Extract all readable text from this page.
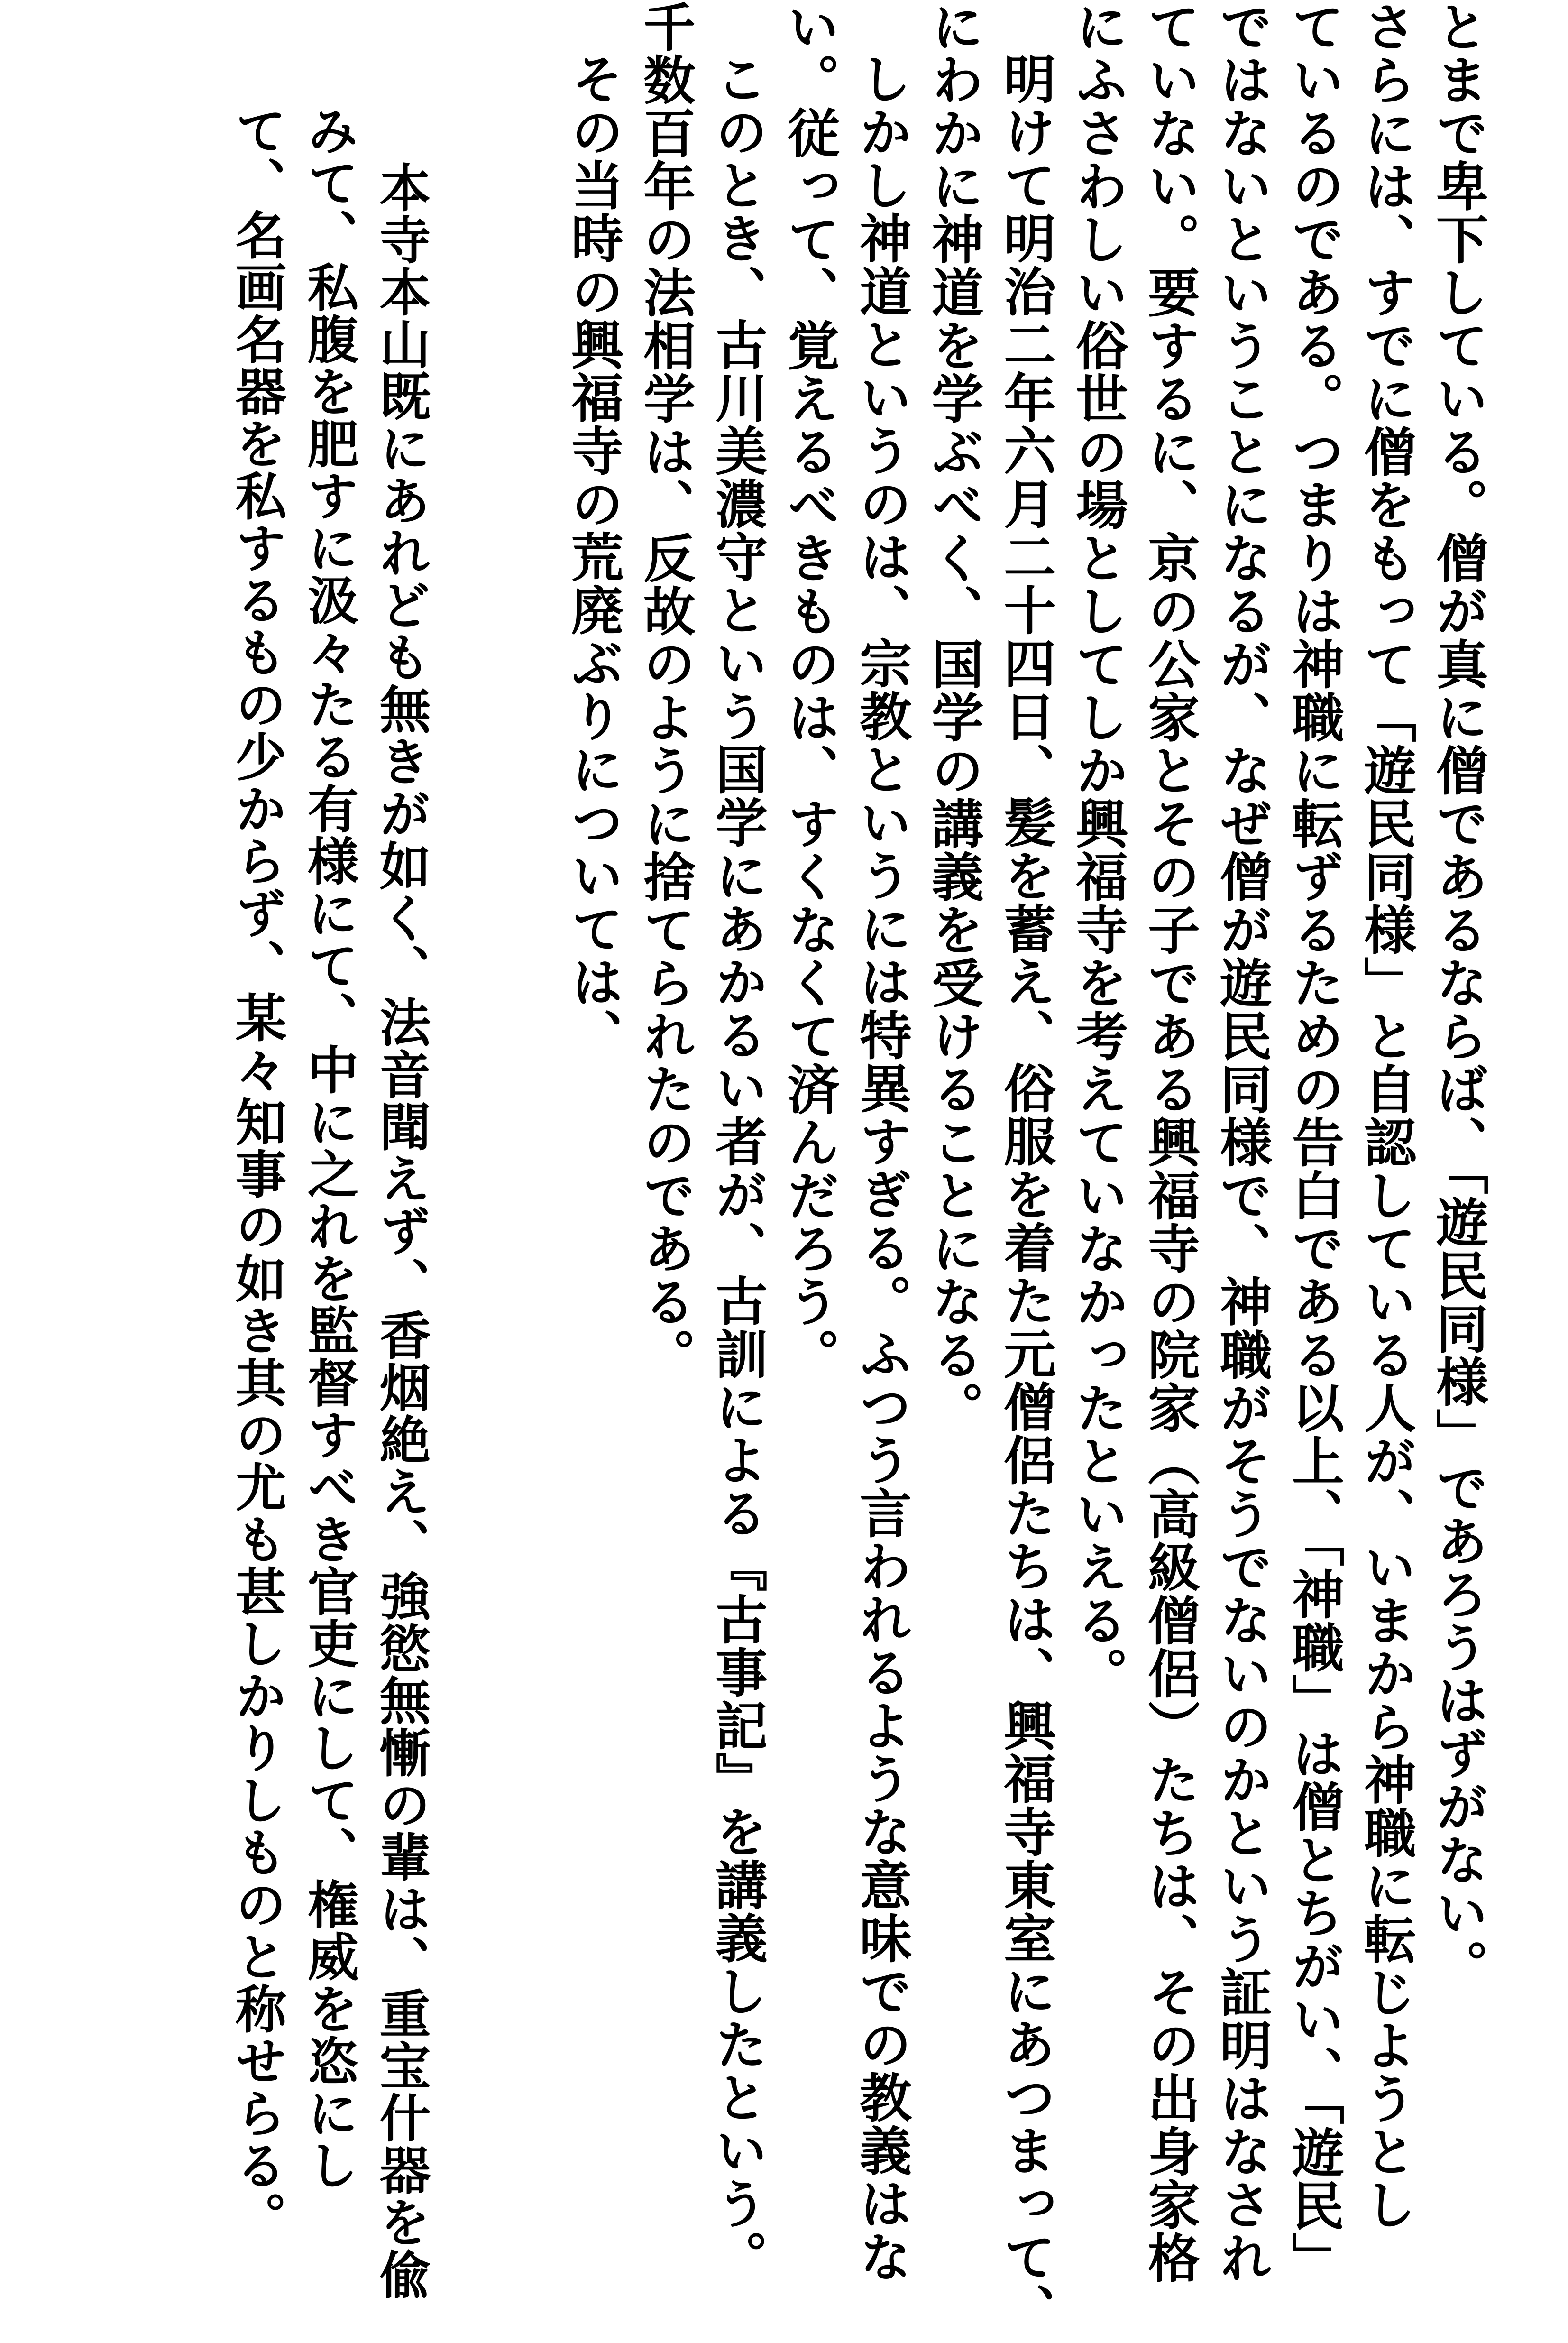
とまで卑下している。僧が真に僧であるならば、「遊民同様」であろうはずがない。
さらには、すでに僧をもって「遊民同様」と自認している人が、いまから神職に転じようとし
ているのである。つまりは神職に転ずるための告白である以上、「神職」は僧とちがい、「遊民」
ではないということになるが、なぜ僧が遊民同様で、神職がそうでないのかという証明はなされ
ていない。要するに、京の公家とその子である興福寺の院家（高級僧侶）たちは、その出身家格
にふさわしい俗世の場としてしか興福寺を考えていなかったといえる。
明けて明治二年六月二十四日、髪を蓄え、俗服を着た元僧侶たちは、興福寺東室にあつまって、
にわかに神道を学ぶべく、国学の講義を受けることになる。
しかし神道というのは、宗教というには特異すぎる。ふつう言われるような意味での教義はな
い。従って、覚えるべきものは、すくなくて済んだろう。
このとき、古川美濃守という国学にあかるい者が、古訓による『古事記』を講義したという。
千数百年の法相学は、反故のように捨てられたのである。
その当時の興福寺の荒廃ぶりについては、
本寺本山既にあれども無きが如く、法音聞えず、香烟絶え、強慾無慚の輩は、重宝什器を偸
みて、私腹を肥すに汲々たる有様にて、中に之れを監督すべき官吏にして、権威を恣にし
て、名画名器を私するもの少からず、某々知事の如き其の尤も甚しかりしものと称せらる。
